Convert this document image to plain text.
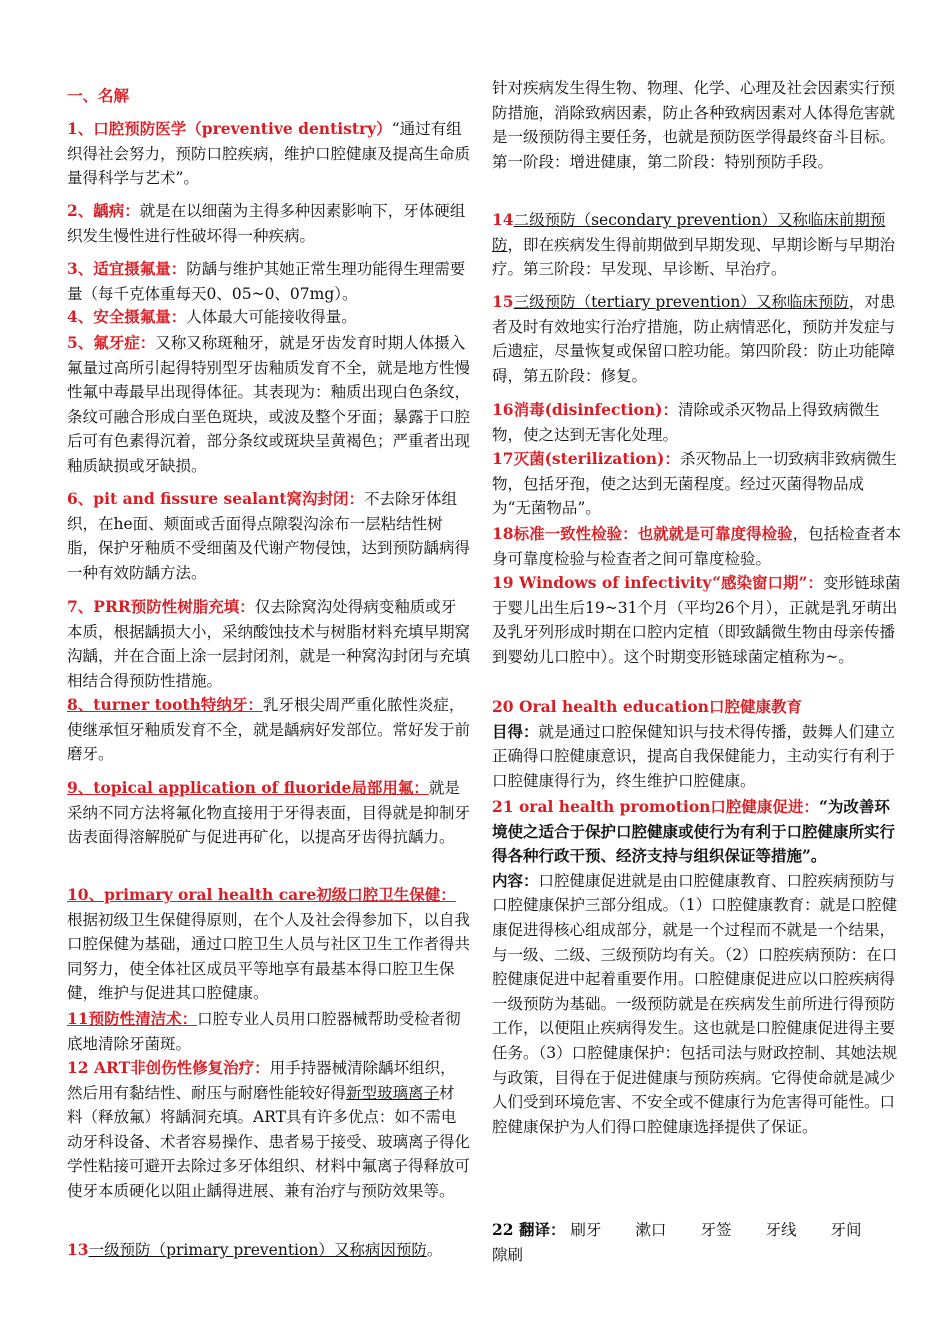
一、名解
1、口腔预防医学（preventive dentistry）“通过有组织得社会努力，预防口腔疾病，维护口腔健康及提高生命质量得科学与艺术”。
2、龋病：就是在以细菌为主得多种因素影响下，牙体硬组织发生慢性进行性破坏得一种疾病。
3、适宜摄氟量：防龋与维护其她正常生理功能得生理需要量（每千克体重每天0、05~0、07mg）。
4、安全摄氟量：人体最大可能接收得量。
5、氟牙症：又称又称斑釉牙，就是牙齿发育时期人体摄入氟量过高所引起得特别型牙齿釉质发育不全，就是地方性慢性氟中毒最早出现得体征。其表现为：釉质出现白色条纹，条纹可融合形成白垩色斑块，或波及整个牙面；暴露于口腔后可有色素得沉着，部分条纹或斑块呈黄褐色；严重者出现釉质缺损或牙缺损。
6、pit and fissure sealant窝沟封闭：不去除牙体组织，在he面、颊面或舌面得点隙裂沟涂布一层粘结性树脂，保护牙釉质不受细菌及代谢产物侵蚀，达到预防龋病得一种有效防龋方法。
7、PRR预防性树脂充填：仅去除窝沟处得病变釉质或牙本质，根据龋损大小，采纳酸蚀技术与树脂材料充填早期窝沟龋，并在合面上涂一层封闭剂，就是一种窝沟封闭与充填相结合得预防性措施。
8、turner tooth特纳牙：乳牙根尖周严重化脓性炎症，使继承恒牙釉质发育不全，就是龋病好发部位。常好发于前磨牙。
9、topical application of fluoride局部用氟：就是采纳不同方法将氟化物直接用于牙得表面，目得就是抑制牙齿表面得溶解脱矿与促进再矿化，以提高牙齿得抗龋力。
10、primary oral health care初级口腔卫生保健：根据初级卫生保健得原则，在个人及社会得参加下，以自我口腔保健为基础，通过口腔卫生人员与社区卫生工作者得共同努力，使全体社区成员平等地享有最基本得口腔卫生保健，维护与促进其口腔健康。
11预防性清洁术：口腔专业人员用口腔器械帮助受检者彻底地清除牙菌斑。
12 ART非创伤性修复治疗：用手持器械清除龋坏组织，然后用有黏结性、耐压与耐磨性能较好得新型玻璃离子材料（释放氟）将龋洞充填。ART具有许多优点：如不需电动牙科设备、术者容易操作、患者易于接受、玻璃离子得化学性粘接可避开去除过多牙体组织、材料中氟离子得释放可使牙本质硬化以阻止龋得进展、兼有治疗与预防效果等。
13一级预防（primary prevention）又称病因预防。
针对疾病发生得生物、物理、化学、心理及社会因素实行预防措施，消除致病因素，防止各种致病因素对人体得危害就是一级预防得主要任务，也就是预防医学得最终奋斗目标。第一阶段：增进健康，第二阶段：特别预防手段。
14二级预防（secondary prevention）又称临床前期预防，即在疾病发生得前期做到早期发现、早期诊断与早期治疗。第三阶段：早发现、早诊断、早治疗。
15三级预防（tertiary prevention）又称临床预防，对患者及时有效地实行治疗措施，防止病情恶化，预防并发症与后遗症，尽量恢复或保留口腔功能。第四阶段：防止功能障碍，第五阶段：修复。
16消毒(disinfection)：清除或杀灭物品上得致病微生物，使之达到无害化处理。
17灭菌(sterilization)：杀灭物品上一切致病非致病微生物，包括牙孢，使之达到无菌程度。经过灭菌得物品成为“无菌物品”。
18标准一致性检验：也就就是可靠度得检验，包括检查者本身可靠度检验与检查者之间可靠度检验。
19 Windows of infectivity“感染窗口期”：变形链球菌于婴儿出生后19~31个月（平均26个月），正就是乳牙萌出及乳牙列形成时期在口腔内定植（即致龋微生物由母亲传播到婴幼儿口腔中）。这个时期变形链球菌定植称为~。
20 Oral health education口腔健康教育
目得：就是通过口腔保健知识与技术得传播，鼓舞人们建立正确得口腔健康意识，提高自我保健能力，主动实行有利于口腔健康得行为，终生维护口腔健康。
21 oral health promotion口腔健康促进：“为改善环境使之适合于保护口腔健康或使行为有利于口腔健康所实行得各种行政干预、经济支持与组织保证等措施”。
内容：口腔健康促进就是由口腔健康教育、口腔疾病预防与口腔健康保护三部分组成。（1）口腔健康教育：就是口腔健康促进得核心组成部分，就是一个过程而不就是一个结果，与一级、二级、三级预防均有关。（2）口腔疾病预防：在口腔健康促进中起着重要作用。口腔健康促进应以口腔疾病得一级预防为基础。一级预防就是在疾病发生前所进行得预防工作，以便阻止疾病得发生。这也就是口腔健康促进得主要任务。（3）口腔健康保护：包括司法与财政控制、其她法规与政策，目得在于促进健康与预防疾病。它得使命就是减少人们受到环境危害、不安全或不健康行为危害得可能性。口腔健康保护为人们得口腔健康选择提供了保证。
22 翻译： 刷牙 漱口 牙签 牙线 牙间
隙刷
